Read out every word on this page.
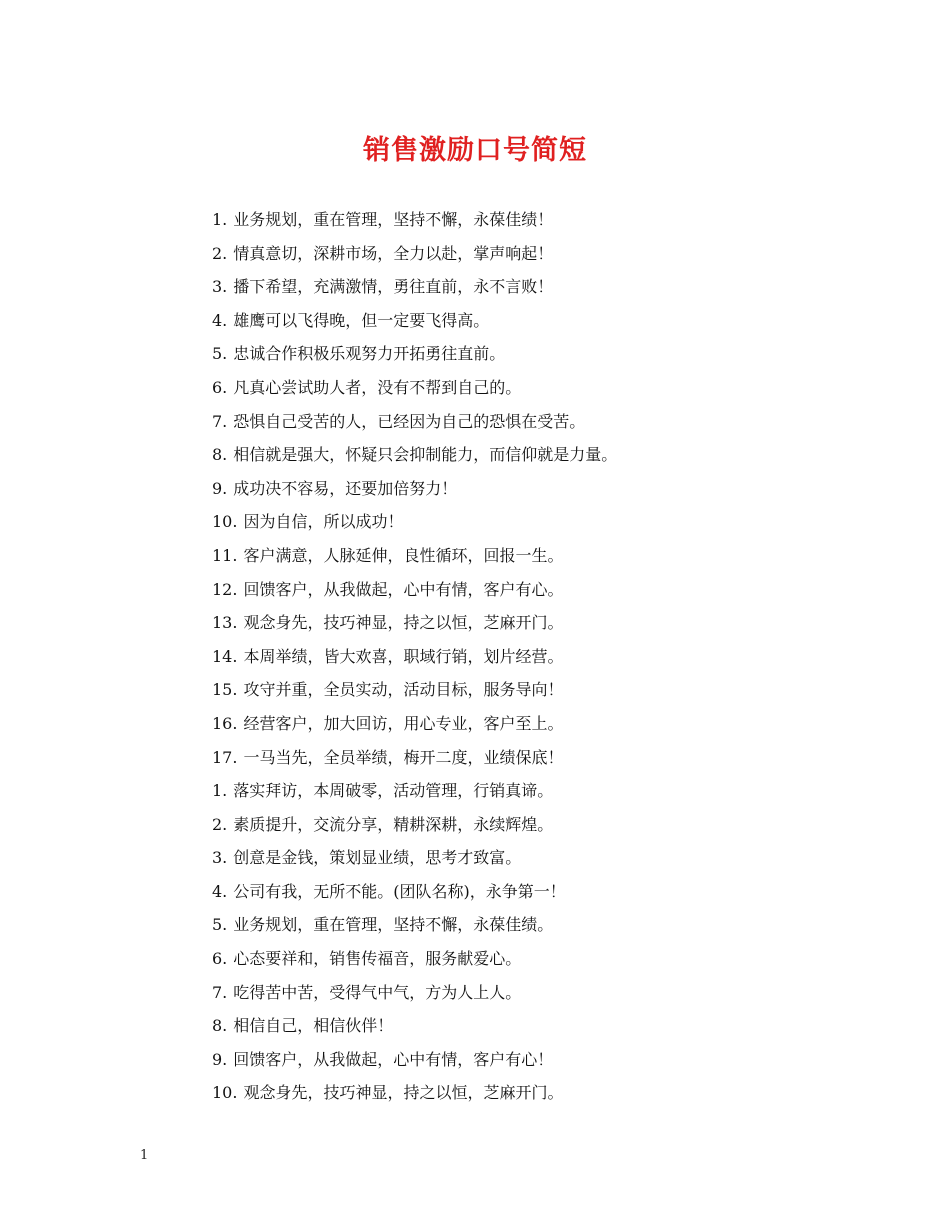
销售激励口号简短
1. 业务规划，重在管理，坚持不懈，永葆佳绩！
2. 情真意切，深耕市场，全力以赴，掌声响起！
3. 播下希望，充满激情，勇往直前，永不言败！
4. 雄鹰可以飞得晚，但一定要飞得高。
5. 忠诚合作积极乐观努力开拓勇往直前。
6. 凡真心尝试助人者，没有不帮到自己的。
7. 恐惧自己受苦的人，已经因为自己的恐惧在受苦。
8. 相信就是强大，怀疑只会抑制能力，而信仰就是力量。
9. 成功决不容易，还要加倍努力！
10. 因为自信，所以成功！
11. 客户满意，人脉延伸，良性循环，回报一生。
12. 回馈客户，从我做起，心中有情，客户有心。
13. 观念身先，技巧神显，持之以恒，芝麻开门。
14. 本周举绩，皆大欢喜，职域行销，划片经营。
15. 攻守并重，全员实动，活动目标，服务导向！
16. 经营客户，加大回访，用心专业，客户至上。
17. 一马当先，全员举绩，梅开二度，业绩保底！
1. 落实拜访，本周破零，活动管理，行销真谛。
2. 素质提升，交流分享，精耕深耕，永续辉煌。
3. 创意是金钱，策划显业绩，思考才致富。
4. 公司有我，无所不能。(团队名称)，永争第一！
5. 业务规划，重在管理，坚持不懈，永葆佳绩。
6. 心态要祥和，销售传福音，服务献爱心。
7. 吃得苦中苦，受得气中气，方为人上人。
8. 相信自己，相信伙伴！
9. 回馈客户，从我做起，心中有情，客户有心！
10. 观念身先，技巧神显，持之以恒，芝麻开门。
1
